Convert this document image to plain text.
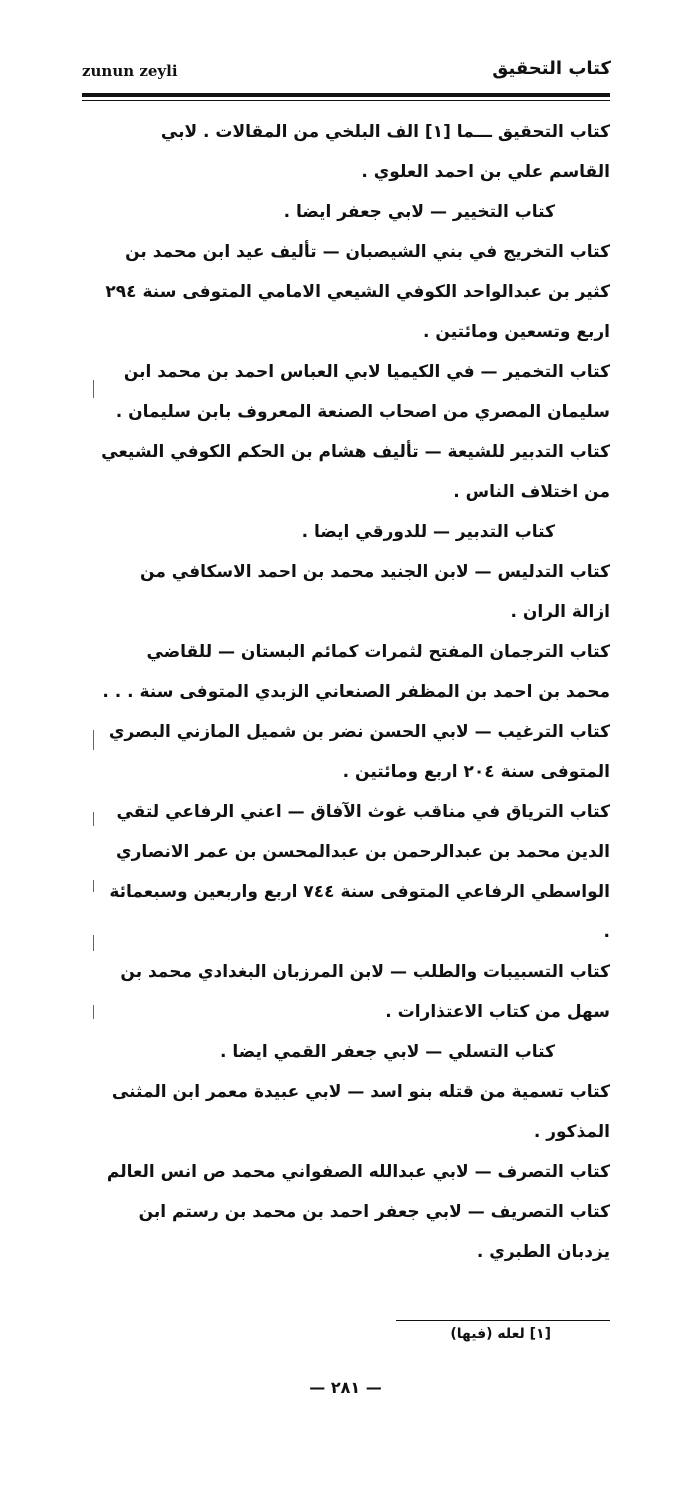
zunun zeyli	كتاب التحقيق

كتاب التحقيق ـــما [١] الف البلخي من المقالات . لابي القاسم علي بن احمد العلوي .

كتاب التخيير — لابي جعفر ايضا .

كتاب التخريج في بني الشيصبان — تأليف عيد ابن محمد بن كثير بن عبدالواحد الكوفي الشيعي الامامي المتوفى سنة ٢٩٤ اربع وتسعين ومائتين .

كتاب التخمير — في الكيميا لابي العباس احمد بن محمد ابن سليمان المصري من اصحاب الصنعة المعروف بابن سليمان .

كتاب التدبير للشيعة — تأليف هشام بن الحكم الكوفي الشيعي من اختلاف الناس .

كتاب التدبير — للدورقي ايضا .

كتاب التدليس — لابن الجنيد محمد بن احمد الاسكافي من ازالة الران .

كتاب الترجمان المفتح لثمرات كمائم البستان — للقاضي محمد بن احمد بن المظفر الصنعاني الزبدي المتوفى سنة . . .

كتاب الترغيب — لابي الحسن نضر بن شميل المازني البصري المتوفى سنة ٢٠٤ اربع ومائتين .

كتاب الترياق في مناقب غوث الآفاق — اعني الرفاعي لتقي الدين محمد بن عبدالرحمن بن عبدالمحسن بن عمر الانصاري الواسطي الرفاعي المتوفى سنة ٧٤٤ اربع واربعين وسبعمائة .

كتاب التسبيبات والطلب — لابن المرزبان البغدادي محمد بن سهل من كتاب الاعتذارات .

كتاب التسلي — لابي جعفر القمي ايضا .

كتاب تسمية من قتله بنو اسد — لابي عبيدة معمر ابن المثنى المذكور .

كتاب التصرف — لابي عبدالله الصفواني محمد ص انس العالم

كتاب التصريف — لابي جعفر احمد بن محمد بن رستم ابن يزدبان الطبري .

[١] لعله (فيها)
— ٢٨١ —
